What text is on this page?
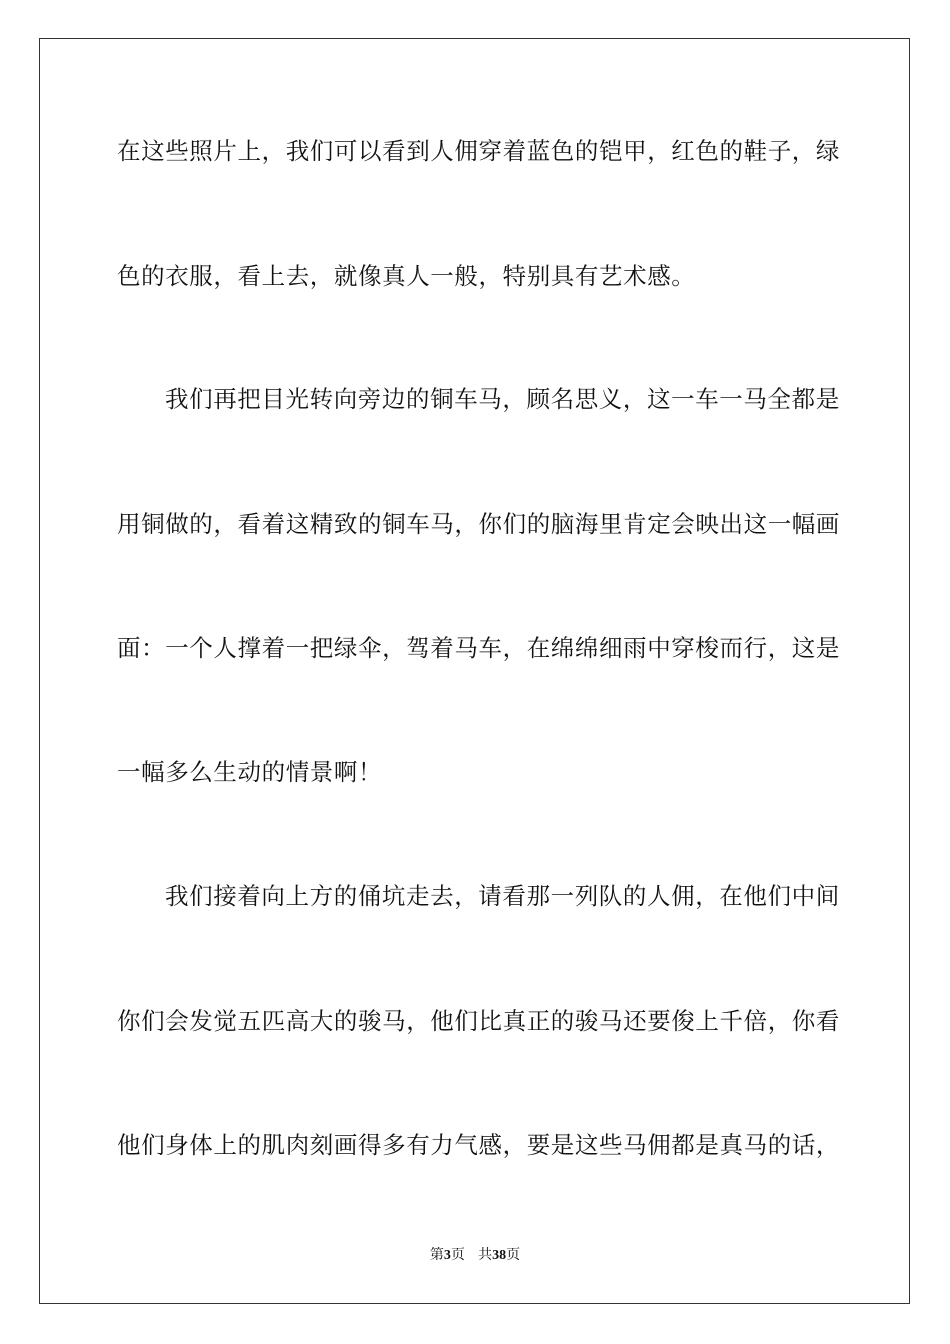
在这些照片上，我们可以看到人佣穿着蓝色的铠甲，红色的鞋子，绿
色的衣服，看上去，就像真人一般，特别具有艺术感。
我们再把目光转向旁边的铜车马，顾名思义，这一车一马全都是
用铜做的，看着这精致的铜车马，你们的脑海里肯定会映出这一幅画
面：一个人撑着一把绿伞，驾着马车，在绵绵细雨中穿梭而行，这是
一幅多么生动的情景啊！
我们接着向上方的俑坑走去，请看那一列队的人佣，在他们中间
你们会发觉五匹高大的骏马，他们比真正的骏马还要俊上千倍，你看
他们身体上的肌肉刻画得多有力气感，要是这些马佣都是真马的话，
第3页 共38页
